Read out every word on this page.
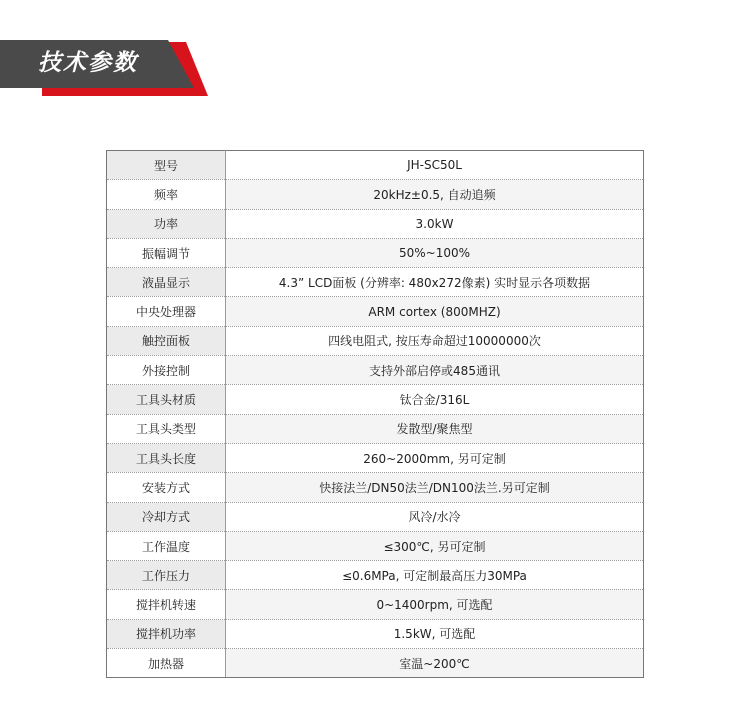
技术参数
型号	JH-SC50L
频率	20kHz±0.5, 自动追频
功率	3.0kW
振幅调节	50%~100%
液晶显示	4.3” LCD面板 (分辨率: 480x272像素) 实时显示各项数据
中央处理器	ARM cortex (800MHZ)
触控面板	四线电阻式, 按压寿命超过10000000次
外接控制	支持外部启停或485通讯
工具头材质	钛合金/316L
工具头类型	发散型/聚焦型
工具头长度	260~2000mm, 另可定制
安装方式	快接法兰/DN50法兰/DN100法兰.另可定制
冷却方式	风冷/水冷
工作温度	≤300℃, 另可定制
工作压力	≤0.6MPa, 可定制最高压力30MPa
搅拌机转速	0~1400rpm, 可选配
搅拌机功率	1.5kW, 可选配
加热器	室温~200℃
